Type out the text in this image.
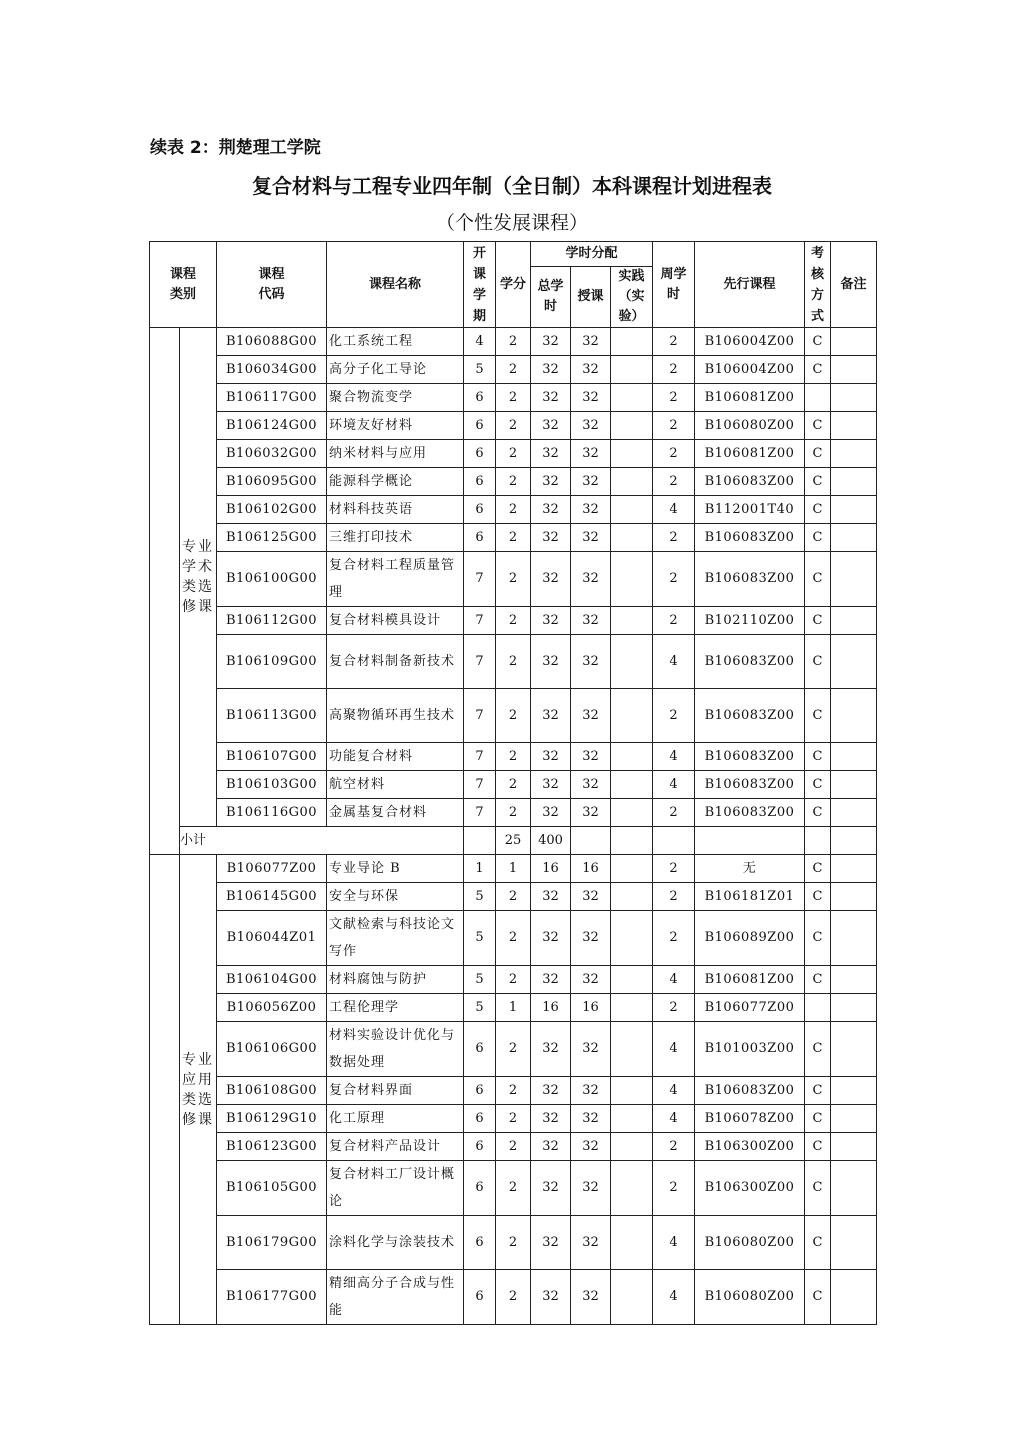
续表 2：荆楚理工学院
复合材料与工程专业四年制（全日制）本科课程计划进程表
（个性发展课程）
课程类别		课程代码	课程名称	开课学期	学分	学时分配			周学时	先行课程	考核方式	备注
						总学时	授课	实践（实验）				
	专业学术类选修课	B106088G00	化工系统工程	4	2	32	32		2	B106004Z00	C	
		B106034G00	高分子化工导论	5	2	32	32		2	B106004Z00	C	
		B106117G00	聚合物流变学	6	2	32	32		2	B106081Z00		
		B106124G00	环境友好材料	6	2	32	32		2	B106080Z00	C	
		B106032G00	纳米材料与应用	6	2	32	32		2	B106081Z00	C	
		B106095G00	能源科学概论	6	2	32	32		2	B106083Z00	C	
		B106102G00	材料科技英语	6	2	32	32		4	B112001T40	C	
		B106125G00	三维打印技术	6	2	32	32		2	B106083Z00	C	
		B106100G00	复合材料工程质量管理	7	2	32	32		2	B106083Z00	C	
		B106112G00	复合材料模具设计	7	2	32	32		2	B102110Z00	C	
		B106109G00	复合材料制备新技术	7	2	32	32		4	B106083Z00	C	
		B106113G00	高聚物循环再生技术	7	2	32	32		2	B106083Z00	C	
		B106107G00	功能复合材料	7	2	32	32		4	B106083Z00	C	
		B106103G00	航空材料	7	2	32	32		4	B106083Z00	C	
		B106116G00	金属基复合材料	7	2	32	32		2	B106083Z00	C	
	小计				25	400						
	专业应用类选修课	B106077Z00	专业导论 B	1	1	16	16		2	无	C	
		B106145G00	安全与环保	5	2	32	32		2	B106181Z01	C	
		B106044Z01	文献检索与科技论文写作	5	2	32	32		2	B106089Z00	C	
		B106104G00	材料腐蚀与防护	5	2	32	32		4	B106081Z00	C	
		B106056Z00	工程伦理学	5	1	16	16		2	B106077Z00		
		B106106G00	材料实验设计优化与数据处理	6	2	32	32		4	B101003Z00	C	
		B106108G00	复合材料界面	6	2	32	32		4	B106083Z00	C	
		B106129G10	化工原理	6	2	32	32		4	B106078Z00	C	
		B106123G00	复合材料产品设计	6	2	32	32		2	B106300Z00	C	
		B106105G00	复合材料工厂设计概论	6	2	32	32		2	B106300Z00	C	
		B106179G00	涂料化学与涂装技术	6	2	32	32		4	B106080Z00	C	
		B106177G00	精细高分子合成与性能	6	2	32	32		4	B106080Z00	C	
